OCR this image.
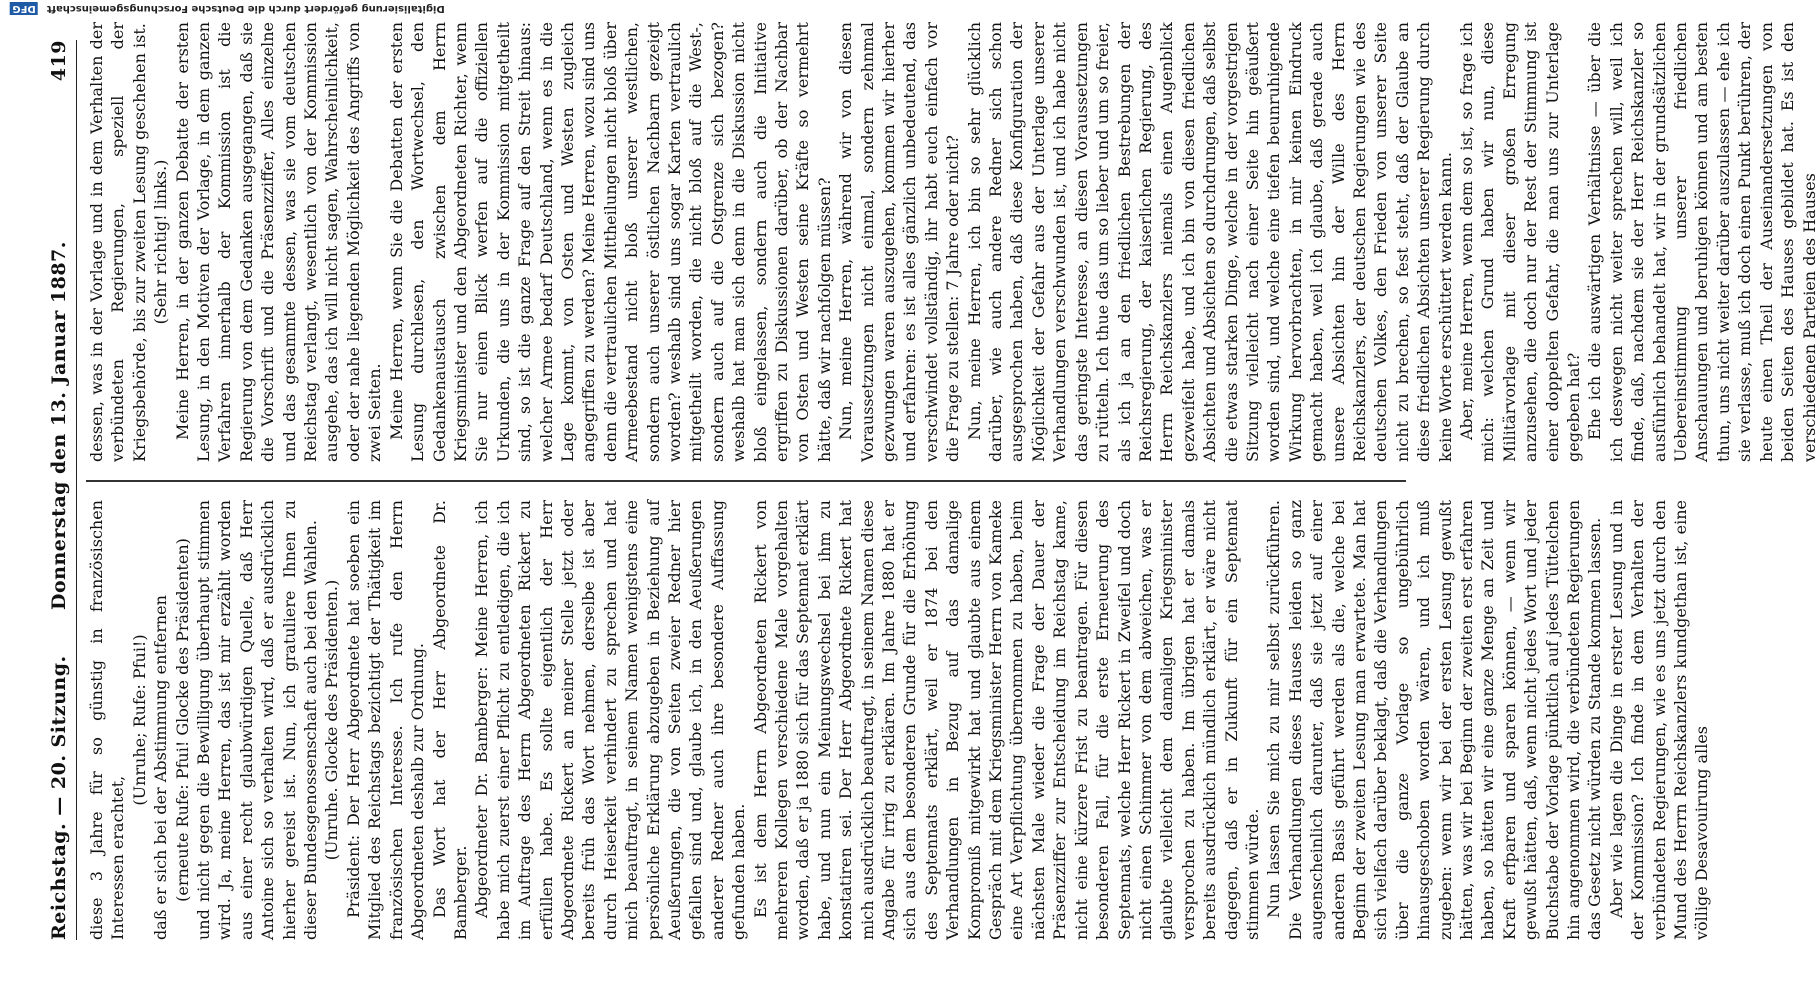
Reichstag. — 20. Sitzung.
Donnerstag den 13. Januar 1887.
419

diese 3 Jahre für so günstig in französischen Interessen erachtet,

(Unruhe; Rufe: Pfui!) daß er sich bei der Abstimmung entfernen (erneute Rufe: Pfui! Glocke des Präsidenten) und nicht gegen die Bewilligung überhaupt stimmen wird. Ja, meine Herren, das ist mir erzählt worden aus einer recht glaubwürdigen Quelle, daß Herr Antoine sich so verhalten wird, daß er ausdrücklich hierher gereist ist. Nun, ich gratuliere Ihnen zu dieser Bundesgenossenschaft auch bei den Wahlen. (Unruhe. Glocke des Präsidenten.) Präsident: Der Herr Abgeordnete hat soeben ein Mitglied des Reichstags bezichtigt der Thätigkeit im französischen Interesse. Ich rufe den Herrn Abgeordneten deshalb zur Ordnung. Das Wort hat der Herr Abgeordnete Dr. Bamberger. Abgeordneter Dr. Bamberger: Meine Herren, ich habe mich zuerst einer Pflicht zu entledigen, die ich im Auftrage des Herrn Abgeordneten Rickert zu erfüllen habe. Es sollte eigentlich der Herr Abgeordnete Rickert an meiner Stelle jetzt oder bereits früh das Wort nehmen, derselbe ist aber durch Heiserkeit verhindert zu sprechen und hat mich beauftragt, in seinem Namen wenigstens eine persönliche Erklärung abzugeben in Beziehung auf Aeußerungen, die von Seiten zweier Redner hier gefallen sind und, glaube ich, in den Aeußerungen anderer Redner auch ihre besondere Auffassung gefunden haben. Es ist dem Herrn Abgeordneten Rickert von mehreren Kollegen verschiedene Male vorgehalten worden, daß er ja 1880 sich für das Septennat erklärt habe, und nun ein Meinungswechsel bei ihm zu konstatiren sei. Der Herr Abgeordnete Rickert hat mich ausdrücklich beauftragt, in seinem Namen diese Angabe für irrig zu erklären. Im Jahre 1880 hat er sich aus dem besonderen Grunde für die Erhöhung des Septennats erklärt, weil er 1874 bei den Verhandlungen in Bezug auf das damalige Kompromiß mitgewirkt hat und glaubte aus einem Gespräch mit dem Kriegsminister Herrn von Kameke eine Art Verpflichtung übernommen zu haben, beim nächsten Male wieder die Frage der Dauer der Präsenzziffer zur Entscheidung im Reichstag kame, nicht eine kürzere Frist zu beantragen. Für diesen besonderen Fall, für die erste Erneuerung des Septennats, welche Herr Rickert in Zweifel und doch nicht einen Schimmer von dem abweichen, was er glaubte vielleicht dem damaligen Kriegsminister versprochen zu haben. Im übrigen hat er damals bereits ausdrücklich mündlich erklärt, er wäre nicht dagegen, daß er in Zukunft für ein Septennat stimmen würde. Nun lassen Sie mich zu mir selbst zurückführen. Die Verhandlungen dieses Hauses leiden so ganz augenscheinlich darunter, daß sie jetzt auf einer anderen Basis geführt werden als die, welche bei Beginn der zweiten Lesung man erwartete. Man hat sich vielfach darüber beklagt, daß die Verhandlungen über die ganze Vorlage so ungebührlich hinausgeschoben worden wären, und ich muß zugeben: wenn wir bei der ersten Lesung gewußt hätten, was wir bei Beginn der zweiten erst erfahren haben, so hätten wir eine ganze Menge an Zeit und Kraft erfparen und sparen können, — wenn wir gewußt hätten, daß, wenn nicht jedes Wort und jeder Buchstabe der Vorlage pünktlich auf jedes Tüttelchen hin angenommen wird, die verbündeten Regierungen das Gesetz nicht würden zu Stande kommen lassen. Aber wie lagen die Dinge in erster Lesung und in der Kommission? Ich finde in dem Verhalten der verbündeten Regierungen, wie es uns jetzt durch den Mund des Herrn Reichskanzlers kundgethan ist, eine völlige Desavouirung alles

dessen, was in der Vorlage und in dem Verhalten der verbündeten Regierungen, speziell der Kriegsbehörde, bis zur zweiten Lesung geschehen ist. (Sehr richtig! links.) Meine Herren, in der ganzen Debatte der ersten Lesung, in den Motiven der Vorlage, in dem ganzen Verfahren innerhalb der Kommission ist die Regierung von dem Gedanken ausgegangen, daß sie die Vorschrift und die Präsenzziffer, Alles einzelne und das gesammte dessen, was sie vom deutschen Reichstag verlangt, wesentlich von der Kommission ausgehe, das ich will nicht sagen, Wahrscheinlichkeit, oder der nahe liegenden Möglichkeit des Angriffs von zwei Seiten. Meine Herren, wenn Sie die Debatten der ersten Lesung durchlesen, den Wortwechsel, den Gedankenaustausch zwischen dem Herrn Kriegsminister und den Abgeordneten Richter, wenn Sie nur einen Blick werfen auf die offiziellen Urkunden, die uns in der Kommission mitgetheilt sind, so ist die ganze Frage auf den Streit hinaus: welcher Armee bedarf Deutschland, wenn es in die Lage kommt, von Osten und Westen zugleich angegriffen zu werden? Meine Herren, wozu sind uns denn die vertraulichen Mittheilungen nicht bloß über Armeebestand nicht bloß unserer westlichen, sondern auch unserer östlichen Nachbarn gezeigt worden? weshalb sind uns sogar Karten vertraulich mitgetheilt worden, die nicht bloß auf die West-, sondern auch auf die Ostgrenze sich bezogen? weshalb hat man sich denn in die Diskussion nicht bloß eingelassen, sondern auch die Initiative ergriffen zu Diskussionen darüber, ob der Nachbar von Osten und Westen seine Kräfte so vermehrt hätte, daß wir nachfolgen müssen? Nun, meine Herren, während wir von diesen Voraussetzungen nicht einmal, sondern zehnmal gezwungen waren auszugehen, kommen wir hierher und erfahren: es ist alles gänzlich unbedeutend, das verschwindet vollständig, ihr habt euch einfach vor die Frage zu stellen: 7 Jahre oder nicht? Nun, meine Herren, ich bin so sehr glücklich darüber, wie auch andere Redner sich schon ausgesprochen haben, daß diese Konfiguration der Möglichkeit der Gefahr aus der Unterlage unserer Verhandlungen verschwunden ist, und ich habe nicht das geringste Interesse, an diesen Voraussetzungen zu rütteln. Ich thue das um so lieber und um so freier, als ich ja an den friedlichen Bestrebungen der Reichsregierung, der kaiserlichen Regierung, des Herrn Reichskanzlers niemals einen Augenblick gezweifelt habe, und ich bin von diesen friedlichen Absichten und Absichten so durchdrungen, daß selbst die etwas starken Dinge, welche in der vorgestrigen Sitzung vielleicht nach einer Seite hin geäußert worden sind, und welche eine tiefen beunruhigende Wirkung hervorbrachten, in mir keinen Eindruck gemacht haben, weil ich glaube, daß gerade auch unsere Absichten hin der Wille des Herrn Reichskanzlers, der deutschen Regierungen wie des deutschen Volkes, den Frieden von unserer Seite nicht zu brechen, so fest steht, daß der Glaube an diese friedlichen Absichten unserer Regierung durch keine Worte erschüttert werden kann. Aber, meine Herren, wenn dem so ist, so frage ich mich: welchen Grund haben wir nun, diese Militärvorlage mit dieser großen Erregung anzusehen, die doch nur der Rest der Stimmung ist einer doppelten Gefahr, die man uns zur Unterlage gegeben hat? Ehe ich die auswärtigen Verhältnisse — über die ich deswegen nicht weiter sprechen will, weil ich finde, daß, nachdem sie der Herr Reichskanzler so ausführlich behandelt hat, wir in der grundsätzlichen Uebereinstimmung unserer friedlichen Anschauungen und beruhigen können und am besten thun, uns nicht weiter darüber auszulassen — ehe ich sie verlasse, muß ich doch einen Punkt berühren, der heute einen Theil der Auseinandersetzungen von beiden Seiten des Hauses gebildet hat. Es ist den verschiedenen Parteien des Hauses

Digitalisierung gefördert durch die Deutsche Forschungsgemeinschaft DFG
